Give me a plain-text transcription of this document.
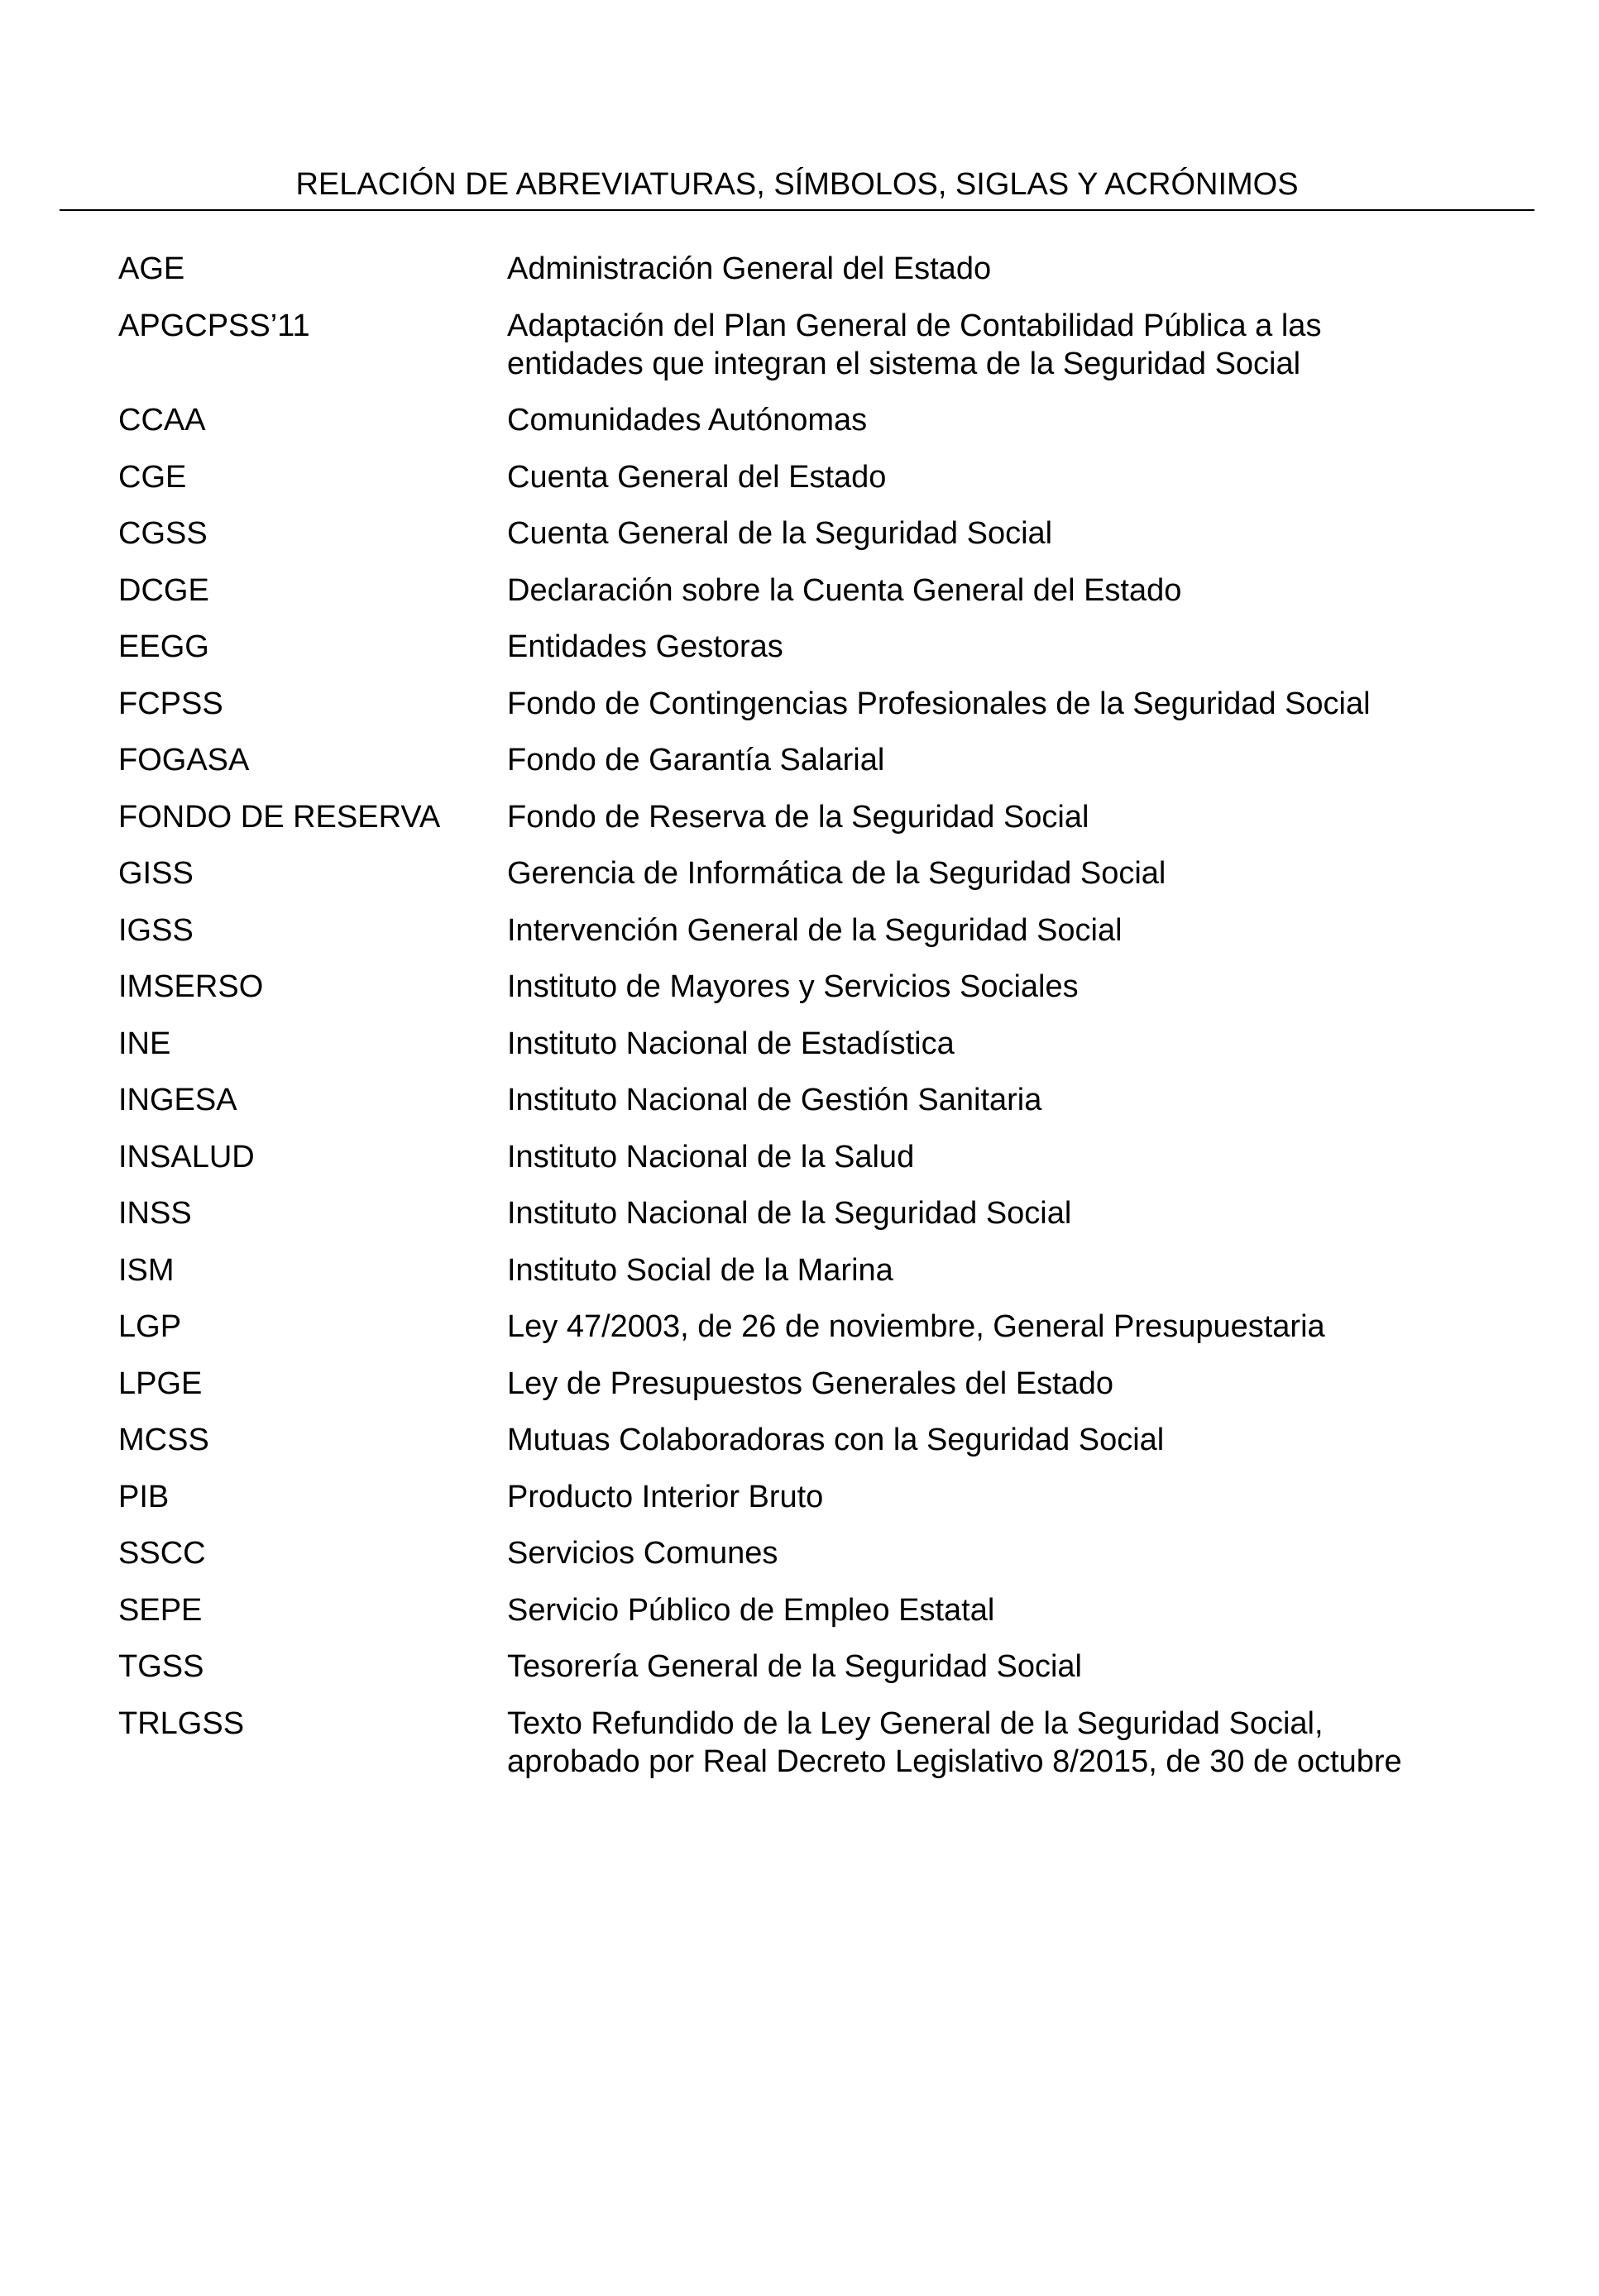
RELACIÓN DE ABREVIATURAS, SÍMBOLOS, SIGLAS Y ACRÓNIMOS
AGE	Administración General del Estado
APGCPSS’11	Adaptación del Plan General de Contabilidad Pública a las
entidades que integran el sistema de la Seguridad Social
CCAA	Comunidades Autónomas
CGE	Cuenta General del Estado
CGSS	Cuenta General de la Seguridad Social
DCGE	Declaración sobre la Cuenta General del Estado
EEGG	Entidades Gestoras
FCPSS	Fondo de Contingencias Profesionales de la Seguridad Social
FOGASA	Fondo de Garantía Salarial
FONDO DE RESERVA	Fondo de Reserva de la Seguridad Social
GISS	Gerencia de Informática de la Seguridad Social
IGSS	Intervención General de la Seguridad Social
IMSERSO	Instituto de Mayores y Servicios Sociales
INE	Instituto Nacional de Estadística
INGESA	Instituto Nacional de Gestión Sanitaria
INSALUD	Instituto Nacional de la Salud
INSS	Instituto Nacional de la Seguridad Social
ISM	Instituto Social de la Marina
LGP	Ley 47/2003, de 26 de noviembre, General Presupuestaria
LPGE	Ley de Presupuestos Generales del Estado
MCSS	Mutuas Colaboradoras con la Seguridad Social
PIB	Producto Interior Bruto
SSCC	Servicios Comunes
SEPE	Servicio Público de Empleo Estatal
TGSS	Tesorería General de la Seguridad Social
TRLGSS	Texto Refundido de la Ley General de la Seguridad Social,
aprobado por Real Decreto Legislativo 8/2015, de 30 de octubre
